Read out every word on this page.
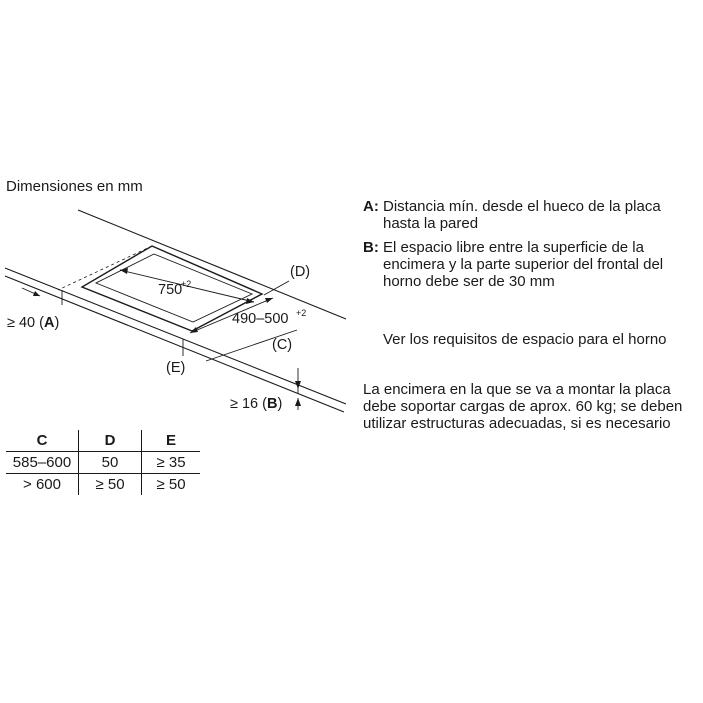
Dimensiones en mm
(D)
750
+2
490–500 +2
(C)
(E)
≥ 40 (A)
≥ 16 (B)
A: Distancia mín. desde el hueco de la placa hasta la pared
B: El espacio libre entre la superficie de la encimera y la parte superior del frontal del horno debe ser de 30 mm
Ver los requisitos de espacio para el horno
La encimera en la que se va a montar la placa debe soportar cargas de aprox. 60 kg; se deben utilizar estructuras adecuadas, si es necesario
C	D	E
585–600	50	≥ 35
> 600	≥ 50	≥ 50
